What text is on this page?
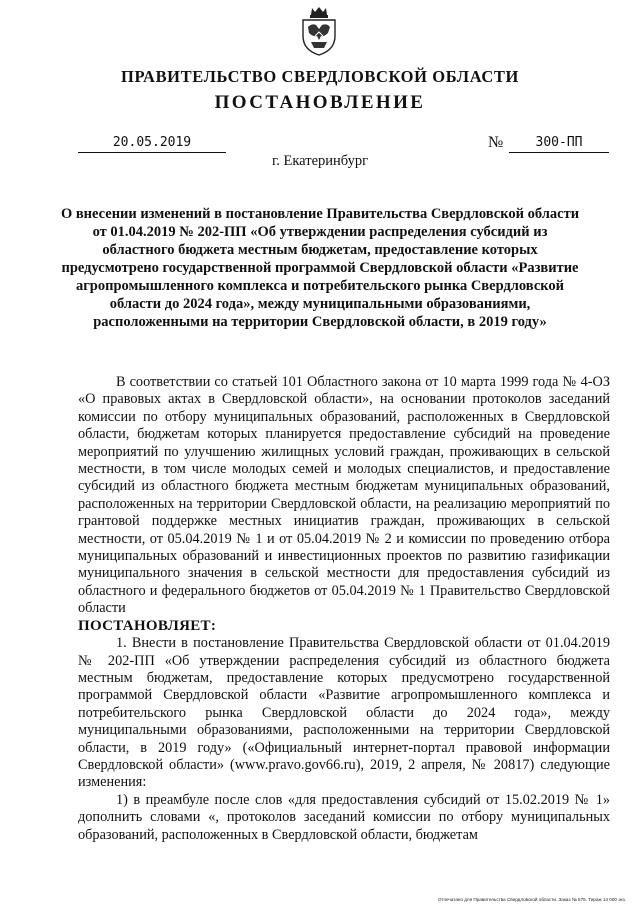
ПРАВИТЕЛЬСТВО СВЕРДЛОВСКОЙ ОБЛАСТИ
ПОСТАНОВЛЕНИЕ
20.05.2019	№	300-ПП
г. Екатеринбург
О внесении изменений в постановление Правительства Свердловской области от 01.04.2019 № 202-ПП «Об утверждении распределения субсидий из областного бюджета местным бюджетам, предоставление которых предусмотрено государственной программой Свердловской области «Развитие агропромышленного комплекса и потребительского рынка Свердловской области до 2024 года», между муниципальными образованиями, расположенными на территории Свердловской области, в 2019 году»

В соответствии со статьей 101 Областного закона от 10 марта 1999 года № 4-ОЗ «О правовых актах в Свердловской области», на основании протоколов заседаний комиссии по отбору муниципальных образований, расположенных в Свердловской области, бюджетам которых планируется предоставление субсидий на проведение мероприятий по улучшению жилищных условий граждан, проживающих в сельской местности, в том числе молодых семей и молодых специалистов, и предоставление субсидий из областного бюджета местным бюджетам муниципальных образований, расположенных на территории Свердловской области, на реализацию мероприятий по грантовой поддержке местных инициатив граждан, проживающих в сельской местности, от 05.04.2019 № 1 и от 05.04.2019 № 2 и комиссии по проведению отбора муниципальных образований и инвестиционных проектов по развитию газификации муниципального значения в сельской местности для предоставления субсидий из областного и федерального бюджетов от 05.04.2019 № 1 Правительство Свердловской области

ПОСТАНОВЛЯЕТ:

1. Внести в постановление Правительства Свердловской области от 01.04.2019 № 202-ПП «Об утверждении распределения субсидий из областного бюджета местным бюджетам, предоставление которых предусмотрено государственной программой Свердловской области «Развитие агропромышленного комплекса и потребительского рынка Свердловской области до 2024 года», между муниципальными образованиями, расположенными на территории Свердловской области, в 2019 году» («Официальный интернет-портал правовой информации Свердловской области» (www.pravo.gov66.ru), 2019, 2 апреля, № 20817) следующие изменения:

1) в преамбуле после слов «для предоставления субсидий от 15.02.2019 № 1» дополнить словами «, протоколов заседаний комиссии по отбору муниципальных образований, расположенных в Свердловской области, бюджетам

Отпечатано для Правительства Свердловской области. Заказ № 575. Тираж 14 000 экз.
